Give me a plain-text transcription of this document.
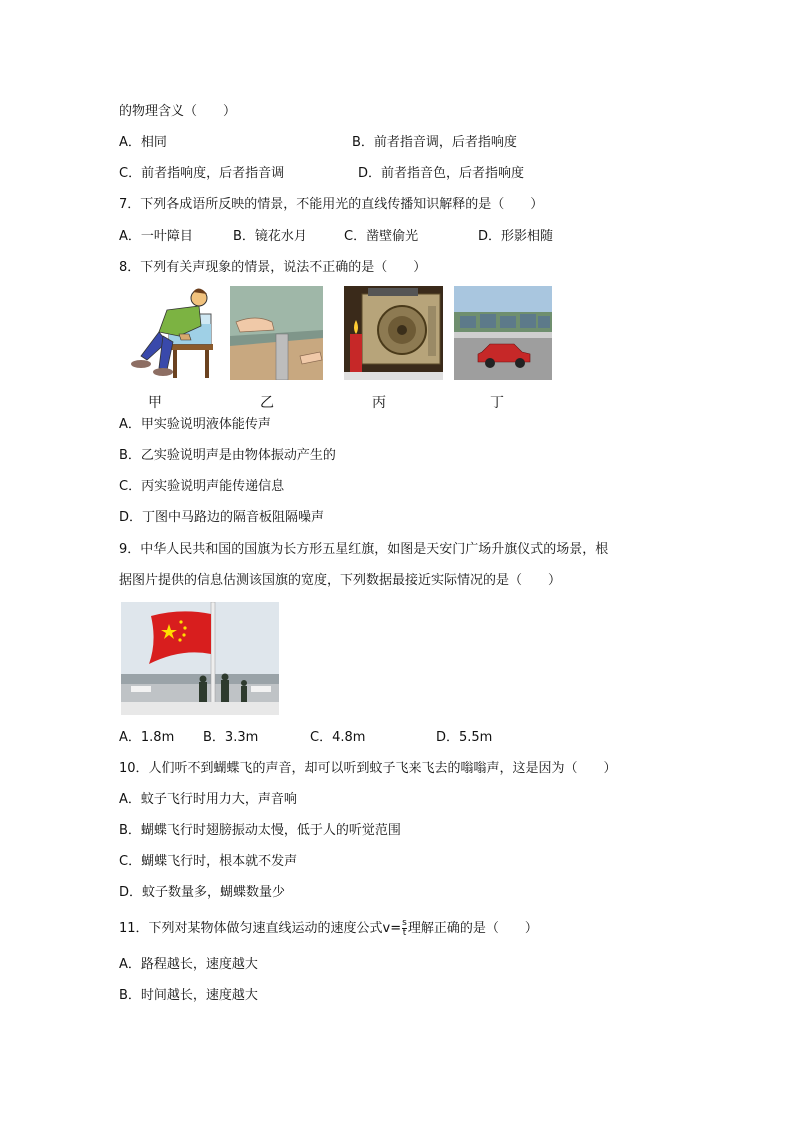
的物理含义（　　）
A．相同	B．前者指音调，后者指响度
C．前者指响度，后者指音调	D．前者指音色，后者指响度
7．下列各成语所反映的情景，不能用光的直线传播知识解释的是（　　）
A．一叶障目	B．镜花水月	C．凿壁偷光	D．形影相随
8．下列有关声现象的情景，说法不正确的是（　　）
甲	乙	丙	丁
A．甲实验说明液体能传声
B．乙实验说明声是由物体振动产生的
C．丙实验说明声能传递信息
D．丁图中马路边的隔音板阻隔噪声
9．中华人民共和国的国旗为长方形五星红旗，如图是天安门广场升旗仪式的场景，根
据图片提供的信息估测该国旗的宽度，下列数据最接近实际情况的是（　　）
A．1.8m B．3.3m	C．4.8m	D．5.5m
10．人们听不到蝴蝶飞的声音，却可以听到蚊子飞来飞去的嗡嗡声，这是因为（　　）
A．蚊子飞行时用力大，声音响
B．蝴蝶飞行时翅膀振动太慢，低于人的听觉范围
C．蝴蝶飞行时，根本就不发声
D．蚊子数量多，蝴蝶数量少
11．下列对某物体做匀速直线运动的速度公式$v= \frac{s}{t}$ 理解正确的是（　　）
A．路程越长，速度越大
B．时间越长，速度越大
